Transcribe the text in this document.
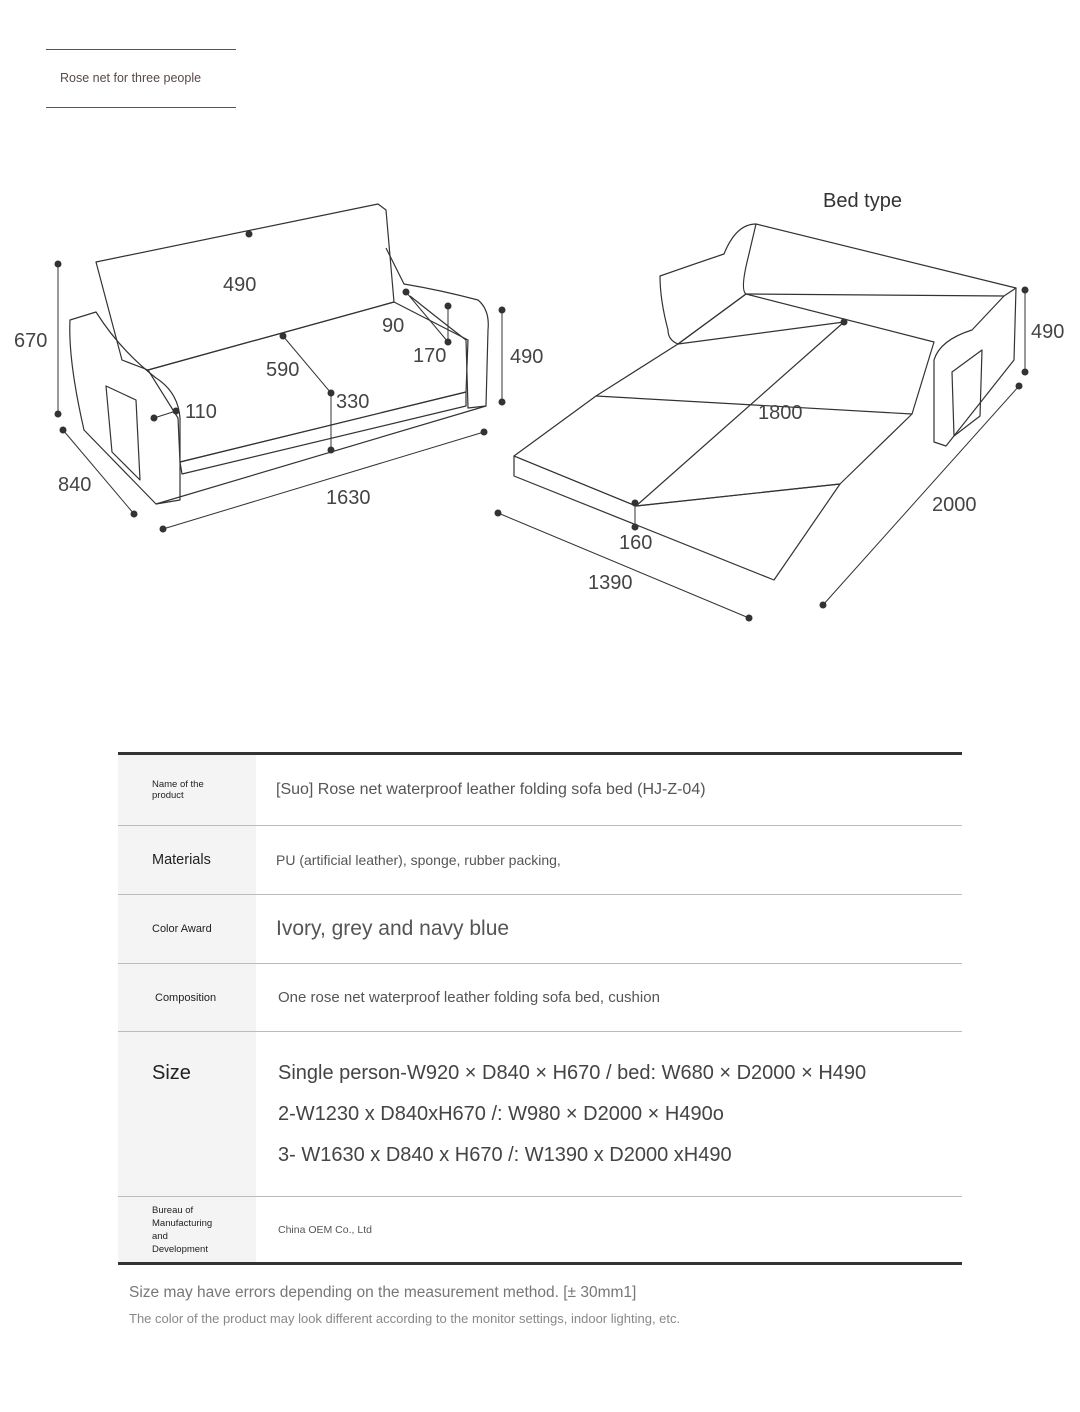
Rose net for three people
Bed type
490
670
90
170
590
490
110	330
840
1630
490
1800
160
1390
2000
Name of the product	[Suo] Rose net waterproof leather folding sofa bed (HJ-Z-04)
Materials	PU (artificial leather), sponge, rubber packing,
Color Award	Ivory, grey and navy blue
Composition	One rose net waterproof leather folding sofa bed, cushion
Size	Single person-W920 × D840 × H670 / bed: W680 × D2000 × H490
2-W1230 x D840xH670 /: W980 × D2000 × H490o
3- W1630 x D840 x H670 /: W1390 x D2000 xH490

Bureau of Manufacturing and Development	China OEM Co., Ltd
Size may have errors depending on the measurement method. [± 30mm1]
The color of the product may look different according to the monitor settings, indoor lighting, etc.
